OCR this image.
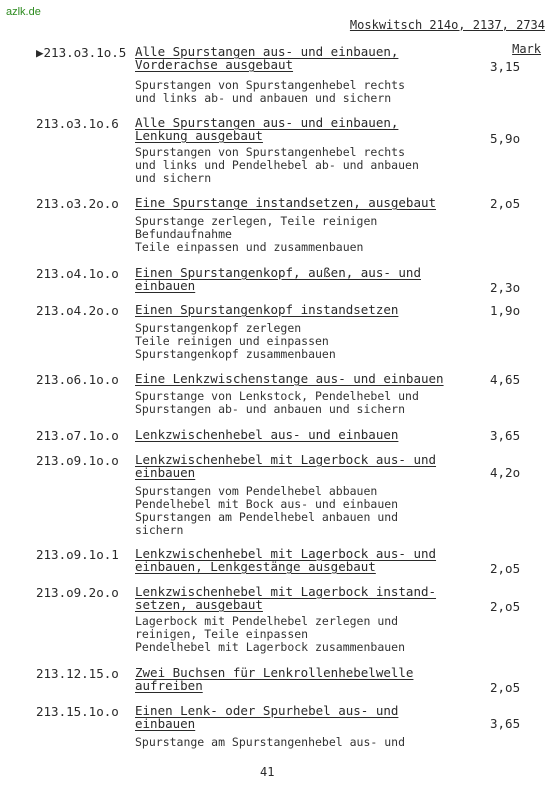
azlk.de
Moskwitsch 214o, 2137, 2734
Mark
▶213.o3.1o.5 Alle Spurstangen aus- und einbauen,
Vorderachse ausgebaut	3,15
Spurstangen von Spurstangenhebel rechts
und links ab- und anbauen und sichern
213.o3.1o.6 Alle Spurstangen aus- und einbauen,
Lenkung ausgebaut	5,9o
Spurstangen von Spurstangenhebel rechts
und links und Pendelhebel ab- und anbauen
und sichern
213.o3.2o.o Eine Spurstange instandsetzen, ausgebaut	2,o5
Spurstange zerlegen, Teile reinigen
Befundaufnahme
Teile einpassen und zusammenbauen
213.o4.1o.o Einen Spurstangenkopf, außen, aus- und
einbauen	2,3o
213.o4.2o.o Einen Spurstangenkopf instandsetzen	1,9o
Spurstangenkopf zerlegen
Teile reinigen und einpassen
Spurstangenkopf zusammenbauen
213.o6.1o.o Eine Lenkzwischenstange aus- und einbauen	4,65
Spurstange von Lenkstock, Pendelhebel und
Spurstangen ab- und anbauen und sichern
213.o7.1o.o Lenkzwischenhebel aus- und einbauen	3,65
213.o9.1o.o Lenkzwischenhebel mit Lagerbock aus- und
einbauen	4,2o
Spurstangen vom Pendelhebel abbauen
Pendelhebel mit Bock aus- und einbauen
Spurstangen am Pendelhebel anbauen und
sichern
213.o9.1o.1 Lenkzwischenhebel mit Lagerbock aus- und
einbauen, Lenkgestänge ausgebaut	2,o5
213.o9.2o.o Lenkzwischenhebel mit Lagerbock instand-
setzen, ausgebaut	2,o5
Lagerbock mit Pendelhebel zerlegen und
reinigen, Teile einpassen
Pendelhebel mit Lagerbock zusammenbauen
213.12.15.o Zwei Buchsen für Lenkrollenhebelwelle
aufreiben	2,o5
213.15.1o.o Einen Lenk- oder Spurhebel aus- und
einbauen	3,65
Spurstange am Spurstangenhebel aus- und
41
